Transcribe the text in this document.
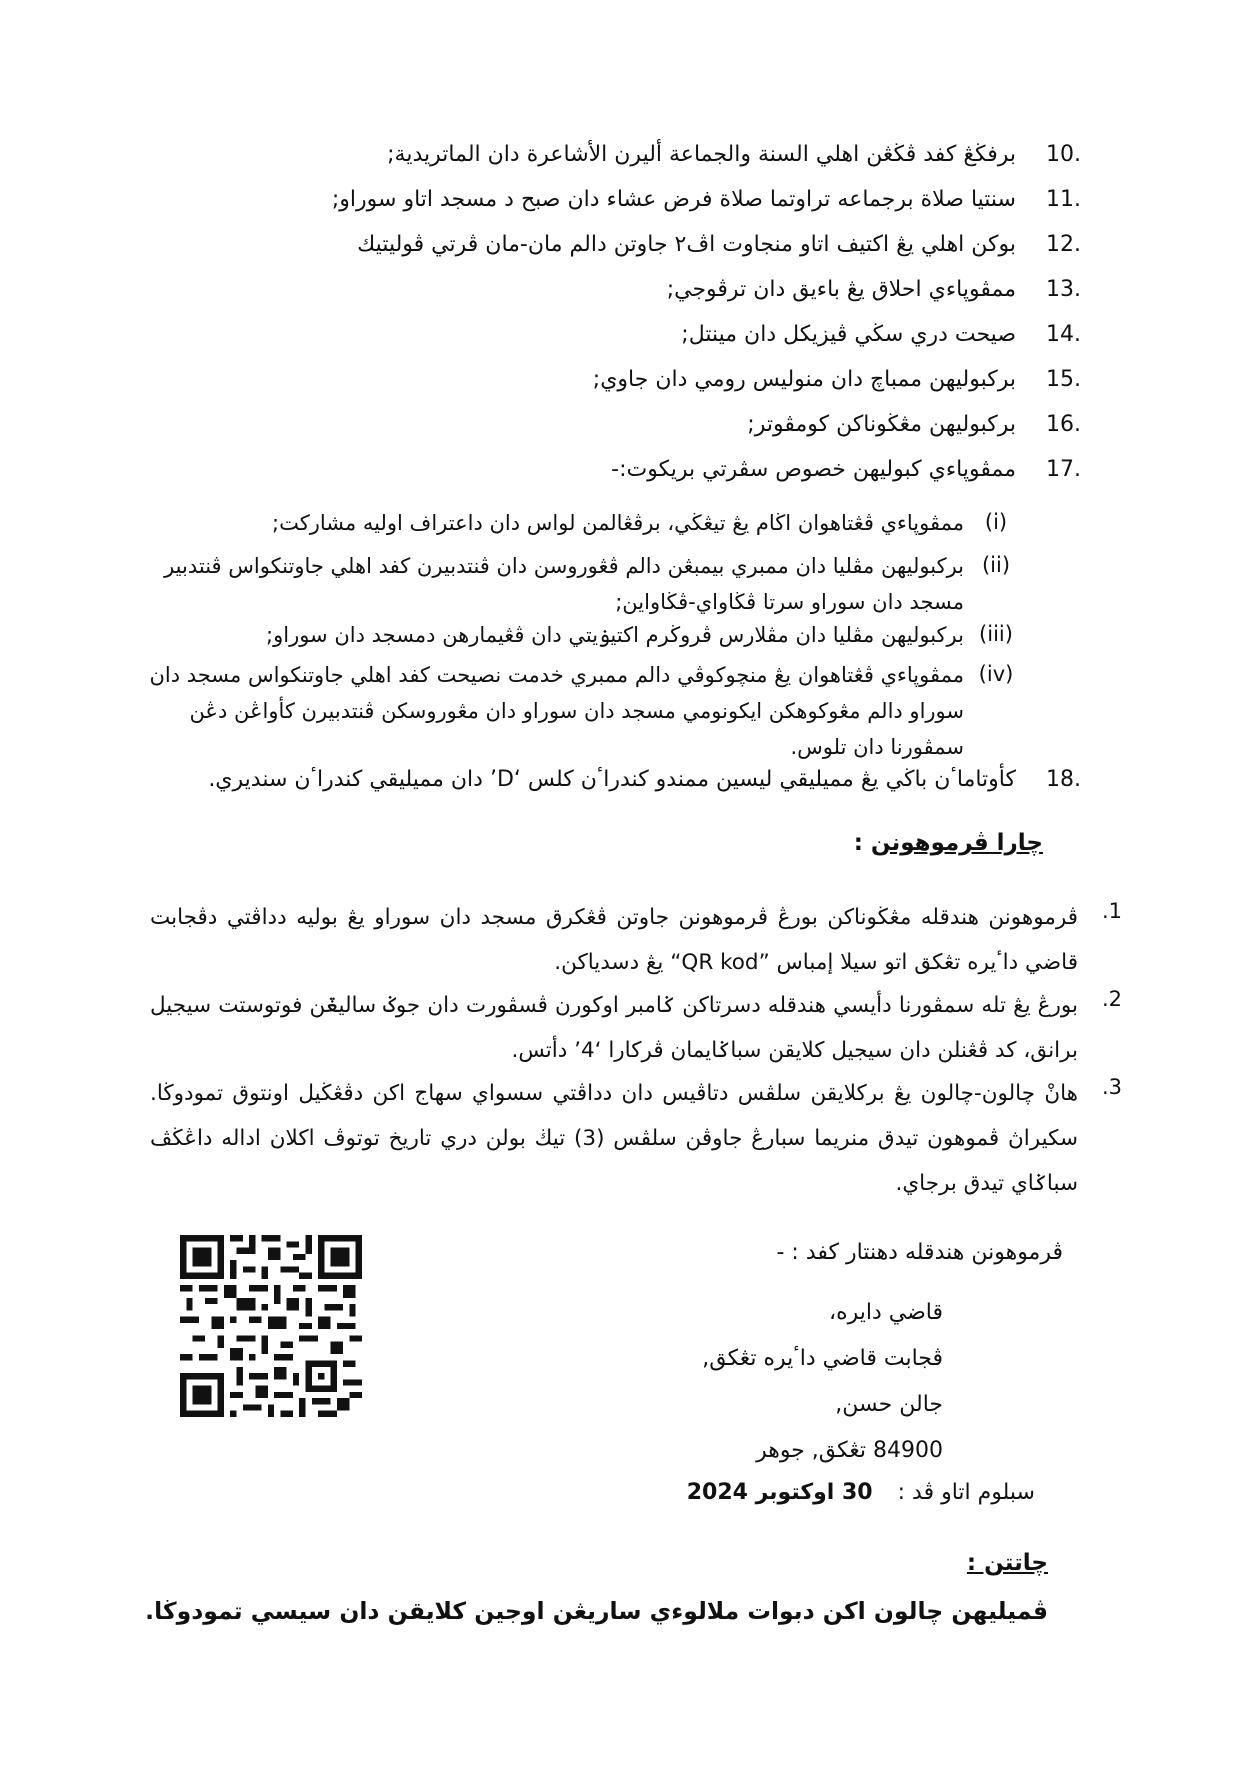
10.
برفڬڠ كفد ڤڬڠن اهلي السنة والجماعة أليرن الأشاعرة دان الماتريدية;
11.
سنتيا صلاة برجماعه تراوتما صلاة فرض عشاء دان صبح د مسجد اتاو سوراو;
12.
بوكن اهلي يڠ اكتيف اتاو منجاوت اڤ٢ جاوتن دالم مان-مان ڤرتي ڤوليتيك
13.
ممڤوڽاءي احلاق يڠ باءيق دان ترڤوجي;
14.
صيحت دري سڬي ڤيزيكل دان مينتل;
15.
بركبوليهن ممباچ دان منوليس رومي دان جاوي;
16.
بركبوليهن مڠڬوناكن كومڤوتر;
17.
ممڤوڽاءي كبوليهن خصوص سڤرتي بريكوت:-
(i)
ممڤوڽاءي ڤڠتاهوان اڬام يڠ تيڠڬي، برڤڠالمن لواس دان داعتراف اوليه مشاركت;
(ii)
بركبوليهن مڤليا دان ممبري بيمبڠن دالم ڤڠوروسن دان ڤنتدبيرن كفد اهلي جاوتنكواس ڤنتدبير مسجد دان سوراو سرتا ڤڬاواي-ڤڬاواين;
(iii)
بركبوليهن مڤليا دان مڤلارس ڤروڬرم اكتيۏيتي دان ڤڠيمارهن دمسجد دان سوراو;
(iv)
ممڤوڽاءي ڤڠتاهوان يڠ منچوكوڤي دالم ممبري خدمت نصيحت كفد اهلي جاوتنكواس مسجد دان سوراو دالم مڠوكوهكن ايكونومي مسجد دان سوراو دان مڠوروسكن ڤنتدبيرن كأواڠن دڠن سمڤورنا دان تلوس.
18.
كأوتاماٴن باڬي يڠ مميليقي ليسين ممندو كندراٴن كلس ‘D’ دان مميليقي كندراٴن سنديري.
چارا ڤرموهونن :
.1
ڤرموهونن هندقله مڠڬوناكن بورڠ ڤرموهونن جاوتن ڤڠكرق مسجد دان سوراو يڠ بوليه دداڤتي دڤجابت قاضي داٴيره تڠكق اتو سيلا إمباس ”QR kod“ يڠ دسدياكن.
.2
بورڠ يڠ تله سمڤورنا دأيسي هندقله دسرتاكن ݢامبر اوكورن ڤسڤورت دان جوݢ ساليݞن فوتوستت سيجيل برانق، كد ڤڠنلن دان سيجيل كلايقن سباݢايمان ڤركارا ‘4’ دأتس.
.3
هانْ چالون-چالون يڠ بركلايقن سلڤس دتاڤيس دان دداڤتي سسواي سهاج اكن دڤڠڬيل اونتوق تمودوڬا. سكيراڽ ڤموهون تيدق منريما سبارڠ جاوڤن سلڤس (3) تيڬ بولن دري تاريخ توتوڤ اكلان اداله داڠڬڤ سباݢاي تيدق برجاي.
ڤرموهونن هندقله دهنتار كفد : -
قاضي دايره،
ڤجابت قاضي داٴيره تڠكق,
جالن حسن,
84900 تڠكق, جوهر
سبلوم اتاو ڤد : 30 اوكتوبر 2024
چاتتن :
ڤميليهن چالون اكن دبوات ملالوءي ساريڠن اوجين كلايقن دان سيسي تمودوڬا.
